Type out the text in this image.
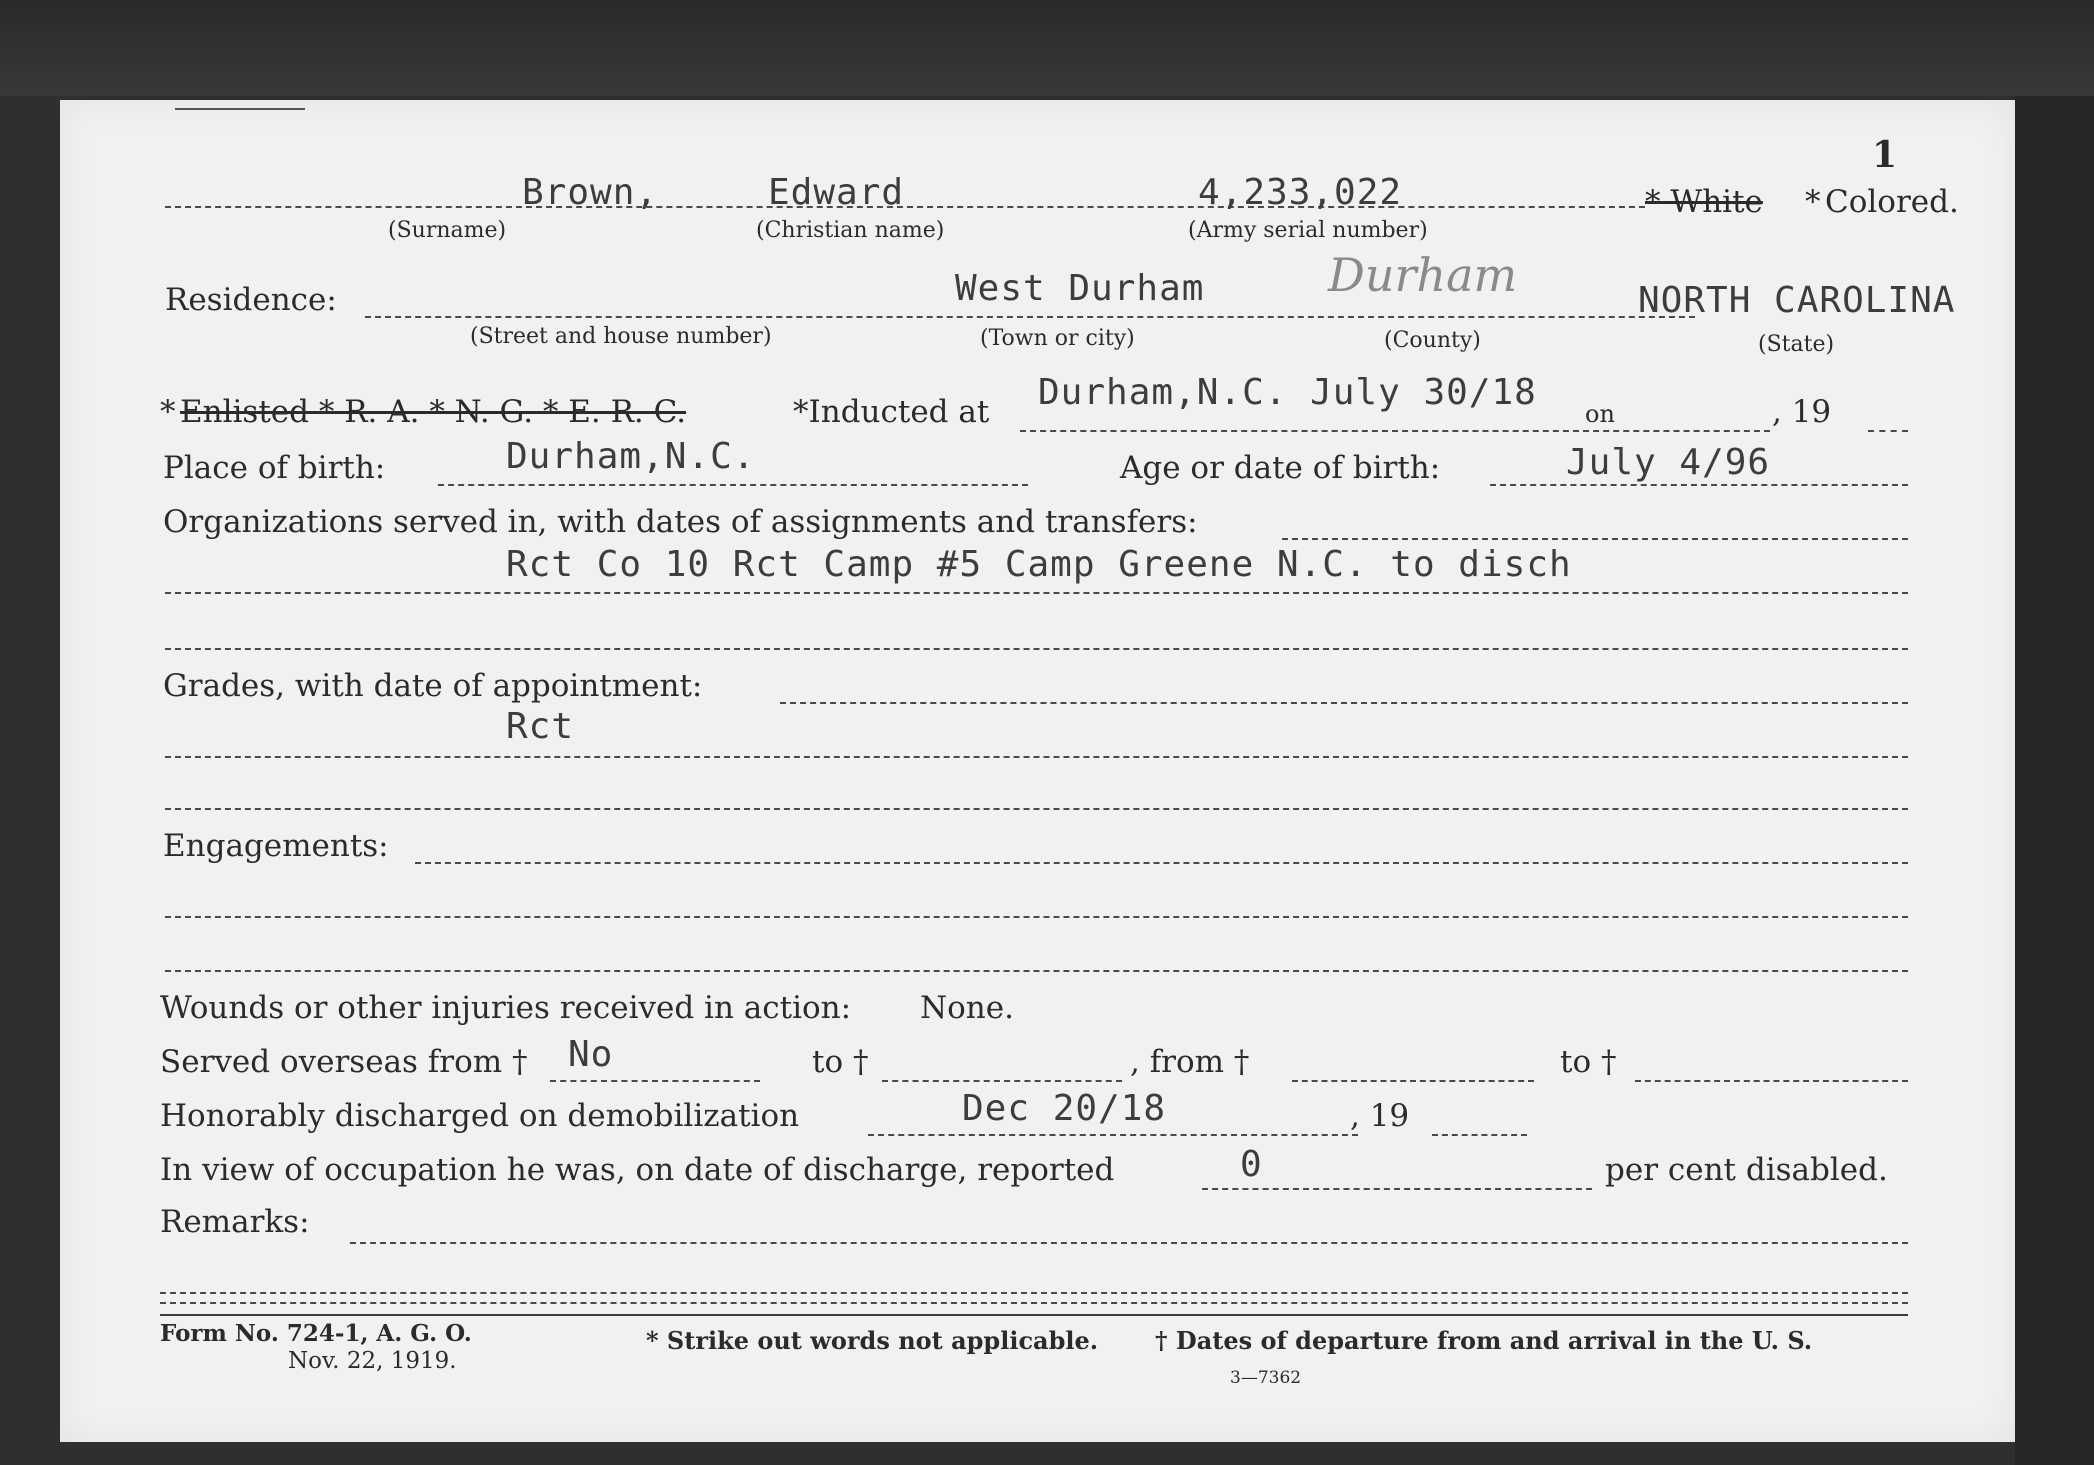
1
Brown,	Edward	4,233,022	* White * Colored.
(Surname)	(Christian name)	(Army serial number)
Residence:	West Durham	Durham	NORTH CAROLINA
(Street and house number)	(Town or city)	(County)	(State)
* Enlisted * R. A. * N. G. * E. R. C.	*Inducted at Durham,N.C. July 30/18
on	, 19
Place of birth:	Durham,N.C.	Age or date of birth:	July 4/96
Organizations served in, with dates of assignments and transfers:
Rct Co 10 Rct Camp #5 Camp Greene N.C. to disch
Grades, with date of appointment:
Rct
Engagements:
Wounds or other injuries received in action: None.
Served overseas from † No	to †	, from †	to †
Honorably discharged on demobilization	Dec 20/18	, 19
In view of occupation he was, on date of discharge, reported	0	per cent disabled.
Remarks:
Form No. 724-1, A. G. O.
Nov. 22, 1919.
* Strike out words not applicable. † Dates of departure from and arrival in the U. S.
3—7362
